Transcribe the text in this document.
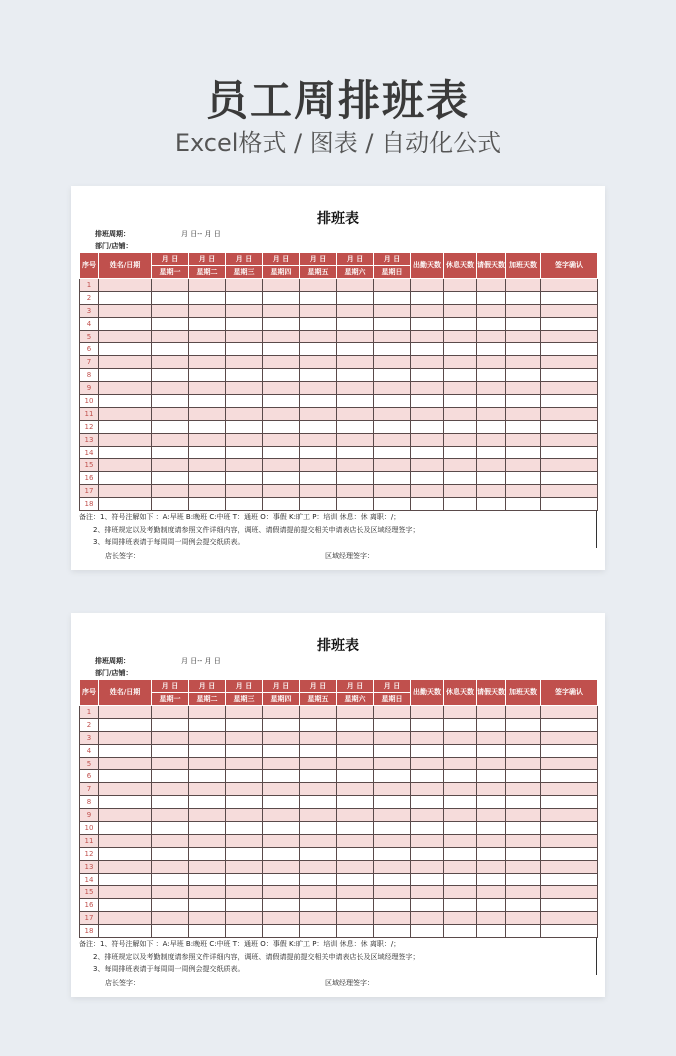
员工周排班表
Excel格式 / 图表 / 自动化公式
排班表
排班周期：	月 日-- 月 日
部门/店铺：
序号	姓名/日期	月 日	月 日	月 日	月 日	月 日	月 日	月 日	出勤天数	休息天数	请假天数	加班天数	签字确认
		星期一	星期二	星期三	星期四	星期五	星期六	星期日					
1													
2													
3													
4													
5													
6													
7													
8													
9													
10													
11													
12													
13													
14													
15													
16													
17													
18													
备注：1、符号注解如下 ：A:早班 B:晚班 C:中班 T：通班 O：事假 K:旷工 P：培训 休息：休 离职：/；
2、排班规定以及考勤制度请参照文件详细内容，调班、请假请提前提交相关申请表店长及区域经理签字；
3、每周排班表请于每周周一周例会提交纸质表。
店长签字：	区域经理签字：
排班表
排班周期：	月 日-- 月 日
部门/店铺：
序号	姓名/日期	月 日	月 日	月 日	月 日	月 日	月 日	月 日	出勤天数	休息天数	请假天数	加班天数	签字确认
		星期一	星期二	星期三	星期四	星期五	星期六	星期日					
1													
2													
3													
4													
5													
6													
7													
8													
9													
10													
11													
12													
13													
14													
15													
16													
17													
18													
备注：1、符号注解如下 ：A:早班 B:晚班 C:中班 T：通班 O：事假 K:旷工 P：培训 休息：休 离职：/；
2、排班规定以及考勤制度请参照文件详细内容，调班、请假请提前提交相关申请表店长及区域经理签字；
3、每周排班表请于每周周一周例会提交纸质表。
店长签字：	区域经理签字：
